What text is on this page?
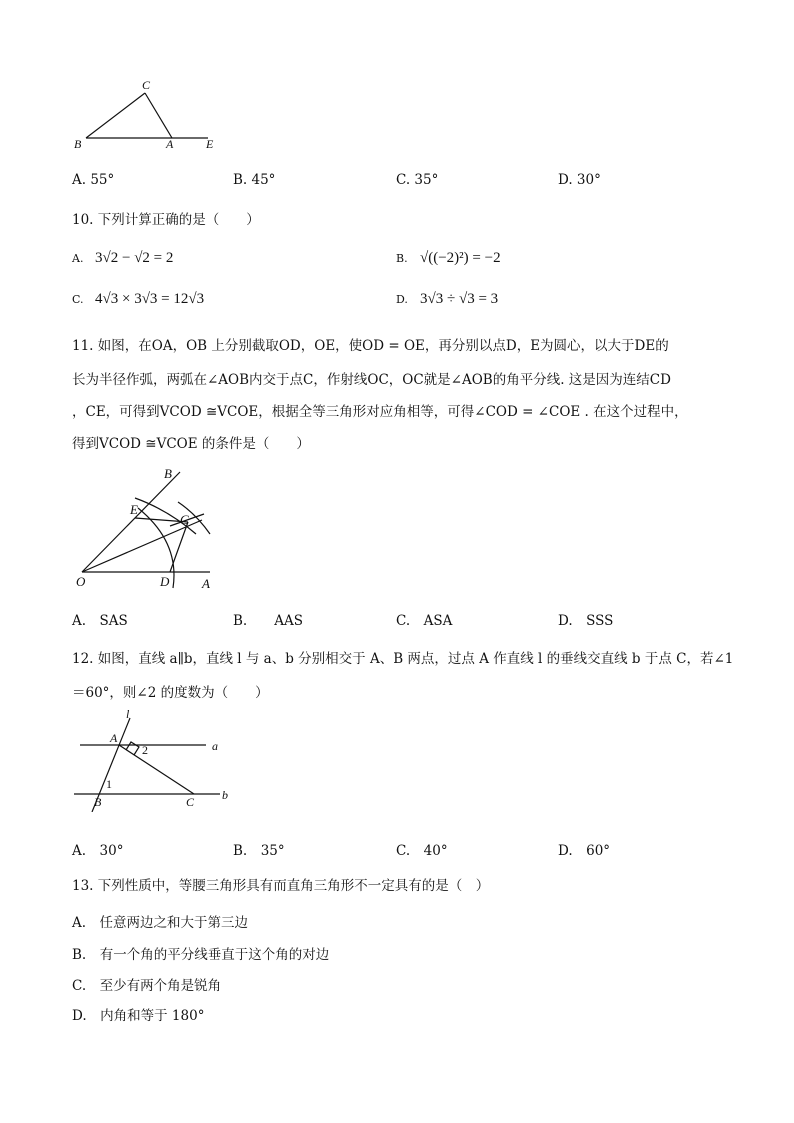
C
B	A	E
A. 55°	B. 45°	C. 35°	D. 30°
10. 下列计算正确的是（　　）
A. 3√2 − √2 = 2	B. √((−2)²) = −2
C. 4√3 × 3√3 = 12√3	D. 3√3 ÷ √3 = 3
11. 如图，在OA，OB 上分别截取OD，OE，使OD = OE，再分别以点D，E为圆心，以大于DE的
长为半径作弧，两弧在∠AOB内交于点C，作射线OC，OC就是∠AOB的角平分线. 这是因为连结CD
，CE，可得到VCOD ≅VCOE，根据全等三角形对应角相等，可得∠COD = ∠COE . 在这个过程中，
得到VCOD ≅VCOE 的条件是（　　）
B
E
C
O	D	A
A.　SAS	B.　　AAS	C.　ASA	D.　SSS
12. 如图，直线 a∥b，直线 l 与 a、b 分别相交于 A、B 两点，过点 A 作直线 l 的垂线交直线 b 于点 C，若∠1
＝60°，则∠2 的度数为（　　）
l
A
2	a
1
B	C b
A.　30°	B.　35°	C.　40°	D.　60°
13. 下列性质中，等腰三角形具有而直角三角形不一定具有的是（　）
A.　任意两边之和大于第三边
B.　有一个角的平分线垂直于这个角的对边
C.　至少有两个角是锐角
D.　内角和等于 180°
